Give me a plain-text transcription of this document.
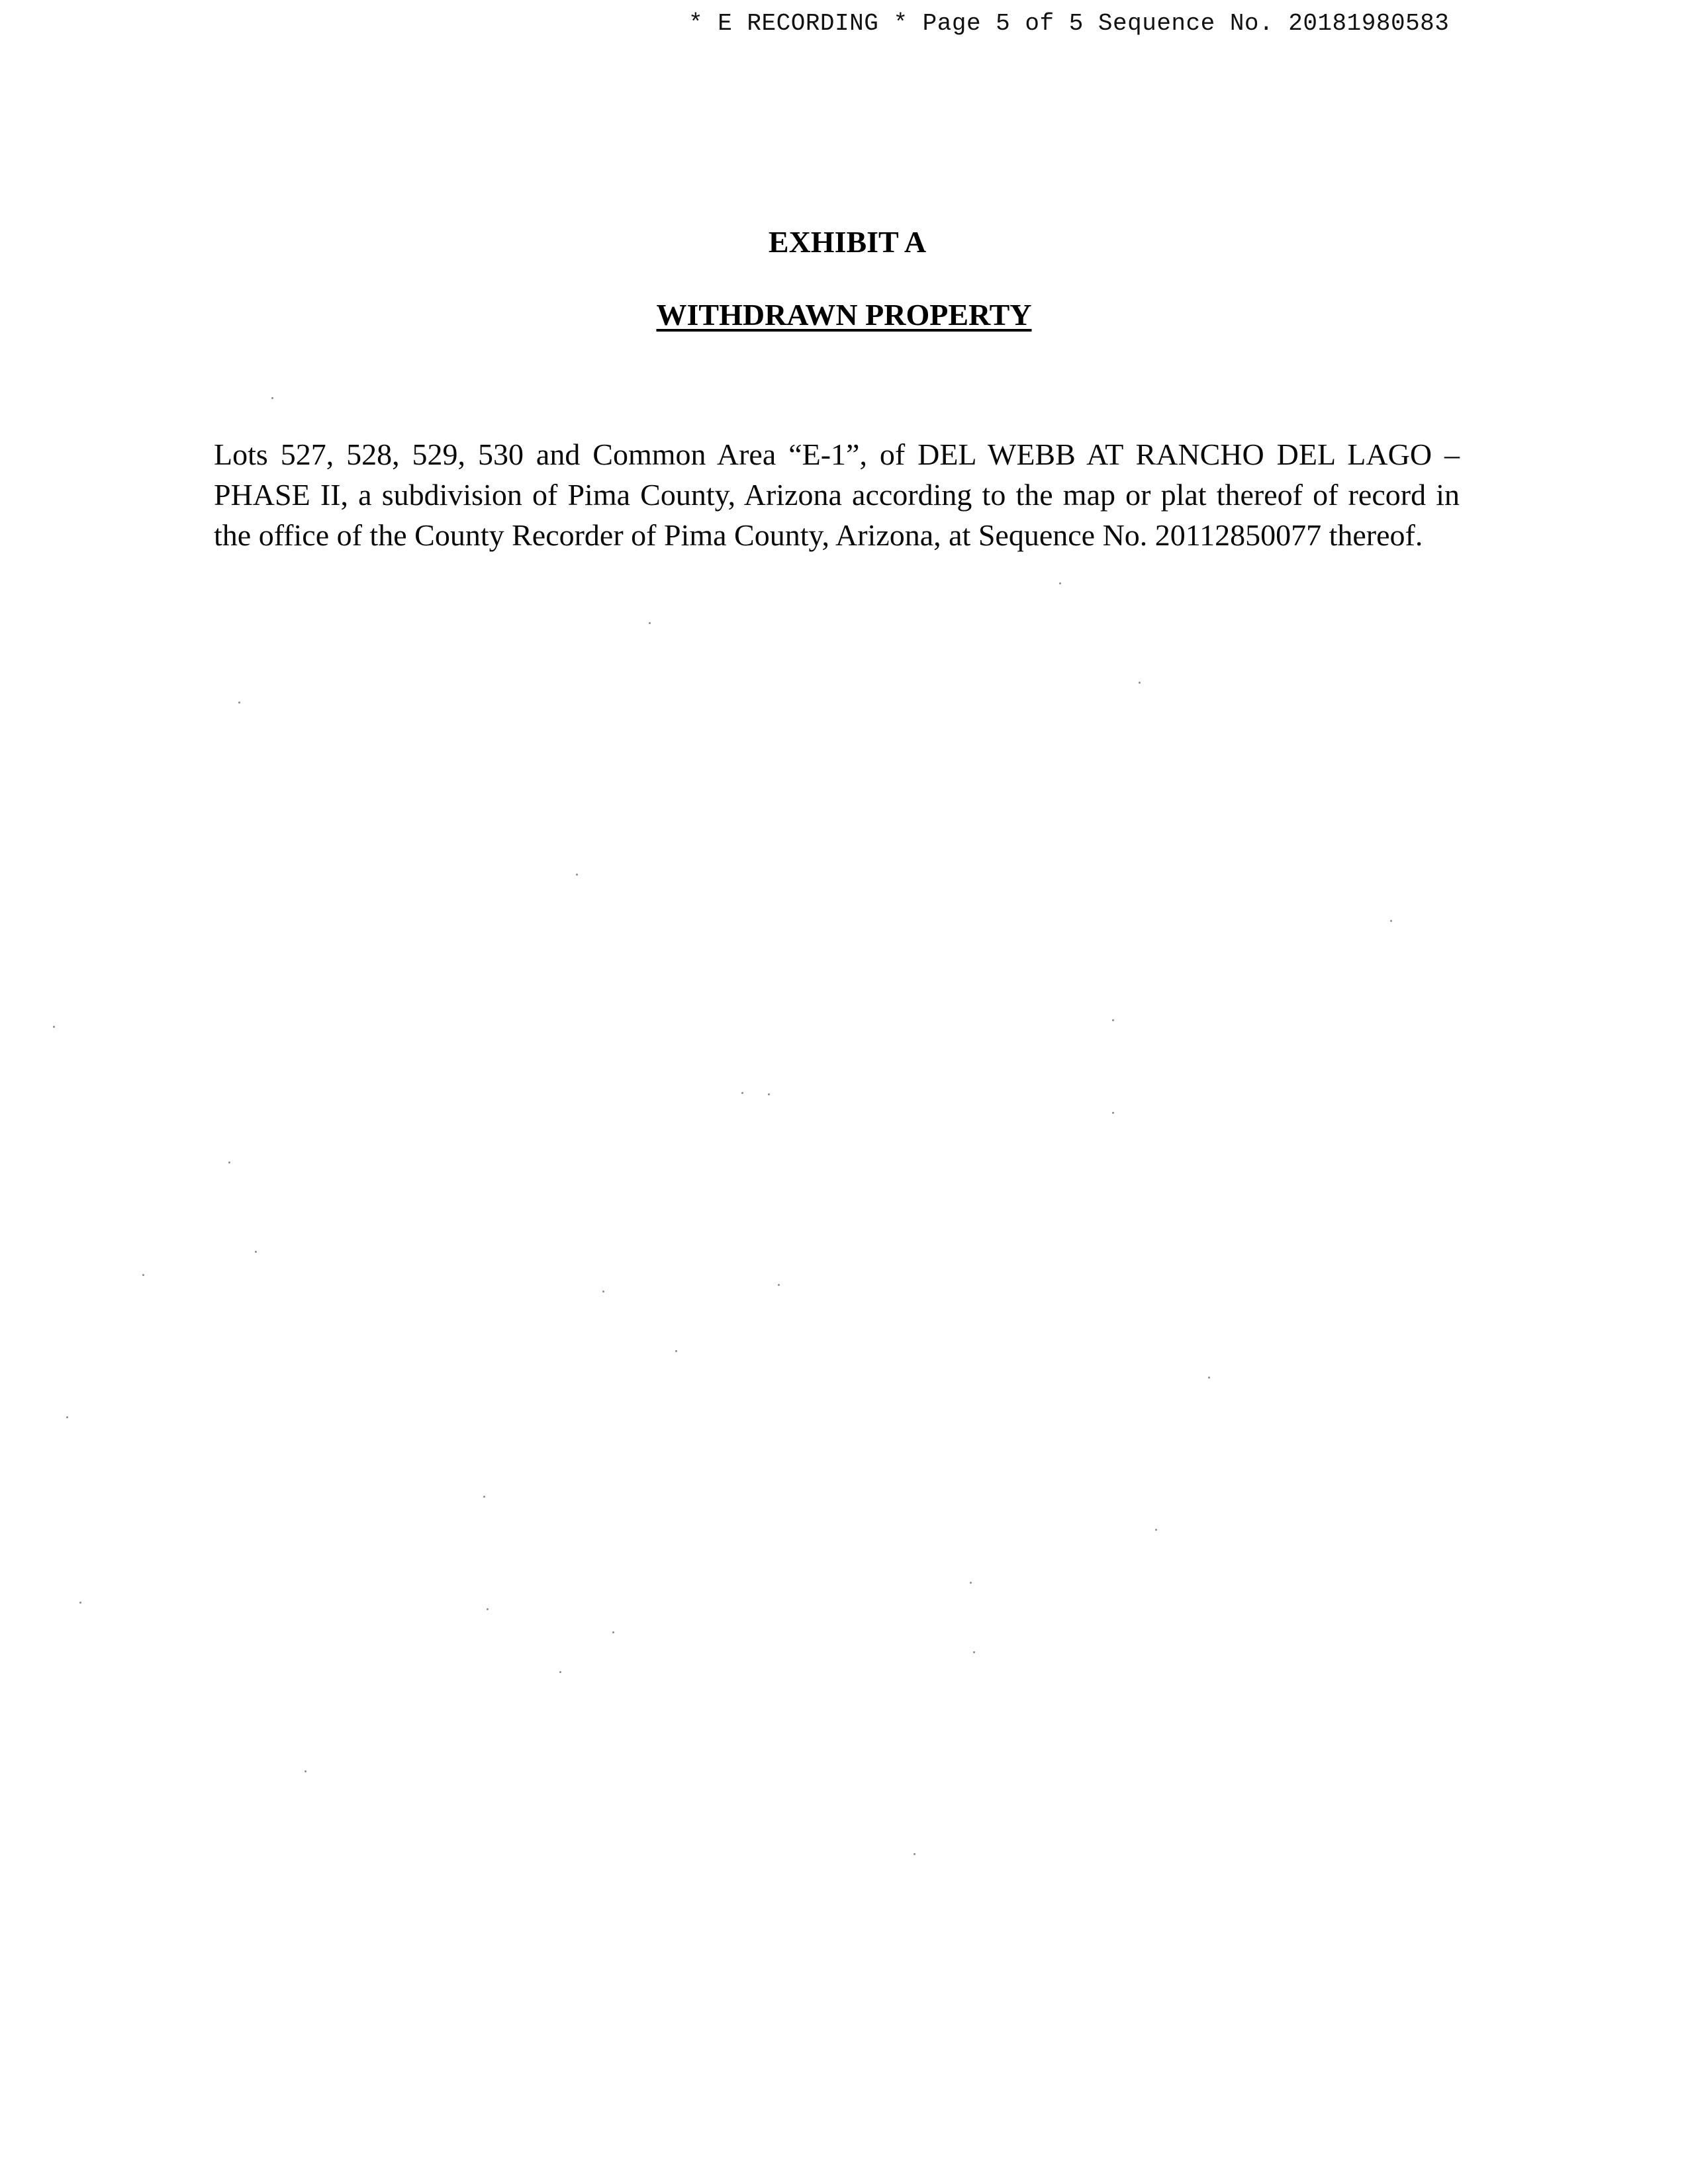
* E RECORDING * Page 5 of 5 Sequence No. 20181980583
EXHIBIT A
WITHDRAWN PROPERTY

Lots 527, 528, 529, 530 and Common Area “E-1”, of DEL WEBB AT RANCHO DEL LAGO – PHASE II, a subdivision of Pima County, Arizona according to the map or plat thereof of record in the office of the County Recorder of Pima County, Arizona, at Sequence No. 20112850077 thereof.
